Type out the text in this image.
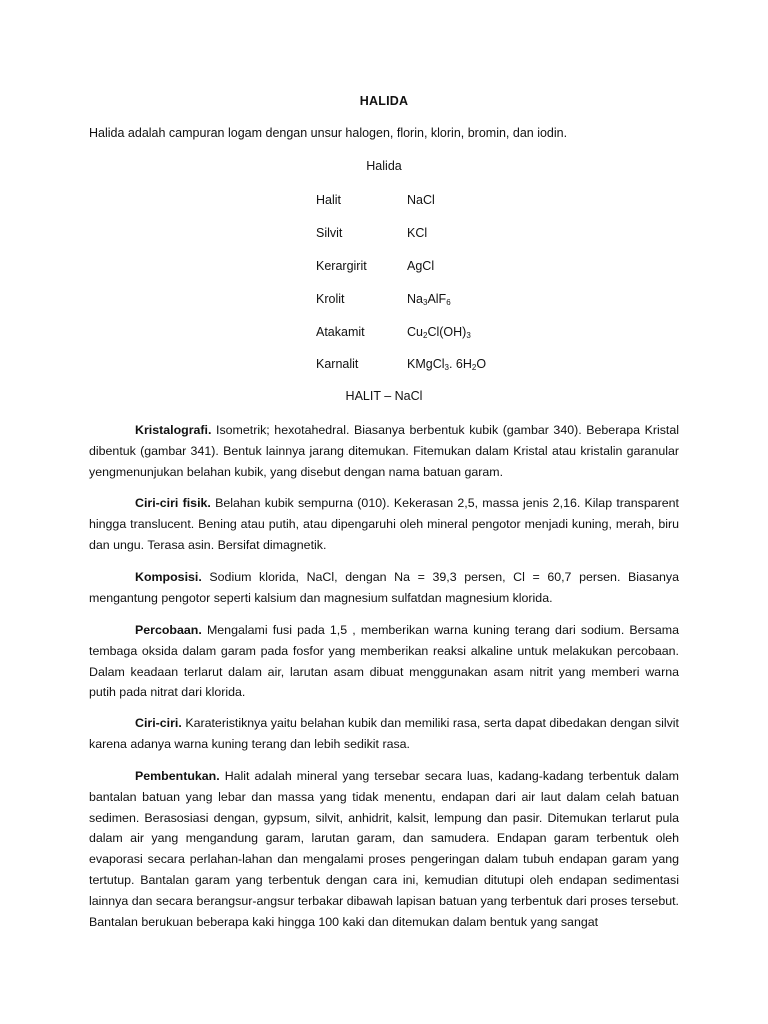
HALIDA
Halida adalah campuran logam dengan unsur halogen, florin, klorin, bromin, dan iodin.
Halida
Halit	NaCl
Silvit	KCl
Kerargirit	AgCl
Krolit	$Na_3AlF_6$
Atakamit	$Cu_2Cl(OH)_3$
Karnalit	KMgCl$_3$. $6H_2O$
HALIT – NaCl

Kristalografi. Isometrik; hexotahedral. Biasanya berbentuk kubik (gambar 340). Beberapa Kristal dibentuk (gambar 341). Bentuk lainnya jarang ditemukan. Fitemukan dalam Kristal atau kristalin garanular yengmenunjukan belahan kubik, yang disebut dengan nama batuan garam.

Ciri-ciri fisik. Belahan kubik sempurna (010). Kekerasan 2,5, massa jenis 2,16. Kilap transparent hingga translucent. Bening atau putih, atau dipengaruhi oleh mineral pengotor menjadi kuning, merah, biru dan ungu. Terasa asin. Bersifat dimagnetik.

Komposisi. Sodium klorida, NaCl, dengan Na = 39,3 persen, Cl = 60,7 persen. Biasanya mengantung pengotor seperti kalsium dan magnesium sulfatdan magnesium klorida.

Percobaan. Mengalami fusi pada 1,5 , memberikan warna kuning terang dari sodium. Bersama tembaga oksida dalam garam pada fosfor yang memberikan reaksi alkaline untuk melakukan percobaan. Dalam keadaan terlarut dalam air, larutan asam dibuat menggunakan asam nitrit yang memberi warna putih pada nitrat dari klorida.

Ciri-ciri. Karateristiknya yaitu belahan kubik dan memiliki rasa, serta dapat dibedakan dengan silvit karena adanya warna kuning terang dan lebih sedikit rasa.

Pembentukan. Halit adalah mineral yang tersebar secara luas, kadang-kadang terbentuk dalam bantalan batuan yang lebar dan massa yang tidak menentu, endapan dari air laut dalam celah batuan sedimen. Berasosiasi dengan, gypsum, silvit, anhidrit, kalsit, lempung dan pasir. Ditemukan terlarut pula dalam air yang mengandung garam, larutan garam, dan samudera. Endapan garam terbentuk oleh evaporasi secara perlahan-lahan dan mengalami proses pengeringan dalam tubuh endapan garam yang tertutup. Bantalan garam yang terbentuk dengan cara ini, kemudian ditutupi oleh endapan sedimentasi lainnya dan secara berangsur-angsur terbakar dibawah lapisan batuan yang terbentuk dari proses tersebut. Bantalan berukuan beberapa kaki hingga 100 kaki dan ditemukan dalam bentuk yang sangat
